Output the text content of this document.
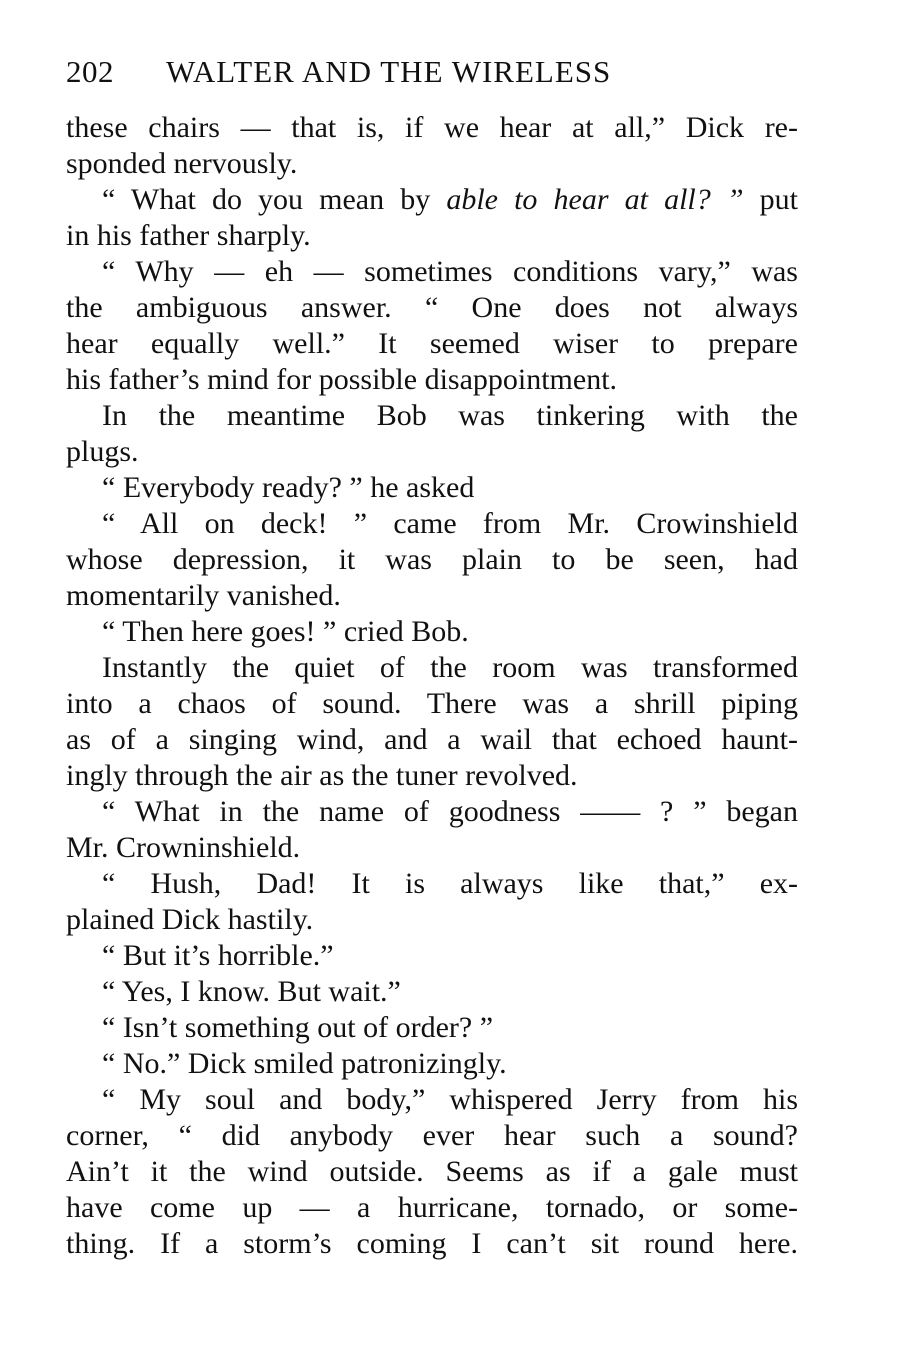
202 WALTER AND THE WIRELESS
these chairs — that is, if we hear at all,” Dick re-
sponded nervously.
“ What do you mean by able to hear at all? ” put
in his father sharply.
“ Why — eh — sometimes conditions vary,” was
the ambiguous answer. “ One does not always
hear equally well.” It seemed wiser to prepare
his father’s mind for possible disappointment.
In the meantime Bob was tinkering with the
plugs.
“ Everybody ready? ” he asked
“ All on deck! ” came from Mr. Crowinshield
whose depression, it was plain to be seen, had
momentarily vanished.
“ Then here goes! ” cried Bob.
Instantly the quiet of the room was transformed
into a chaos of sound. There was a shrill piping
as of a singing wind, and a wail that echoed haunt-
ingly through the air as the tuner revolved.
“ What in the name of goodness —— ? ” began
Mr. Crowninshield.
“ Hush, Dad! It is always like that,” ex-
plained Dick hastily.
“ But it’s horrible.”
“ Yes, I know. But wait.”
“ Isn’t something out of order? ”
“ No.” Dick smiled patronizingly.
“ My soul and body,” whispered Jerry from his
corner, “ did anybody ever hear such a sound?
Ain’t it the wind outside. Seems as if a gale must
have come up — a hurricane, tornado, or some-
thing. If a storm’s coming I can’t sit round here.
